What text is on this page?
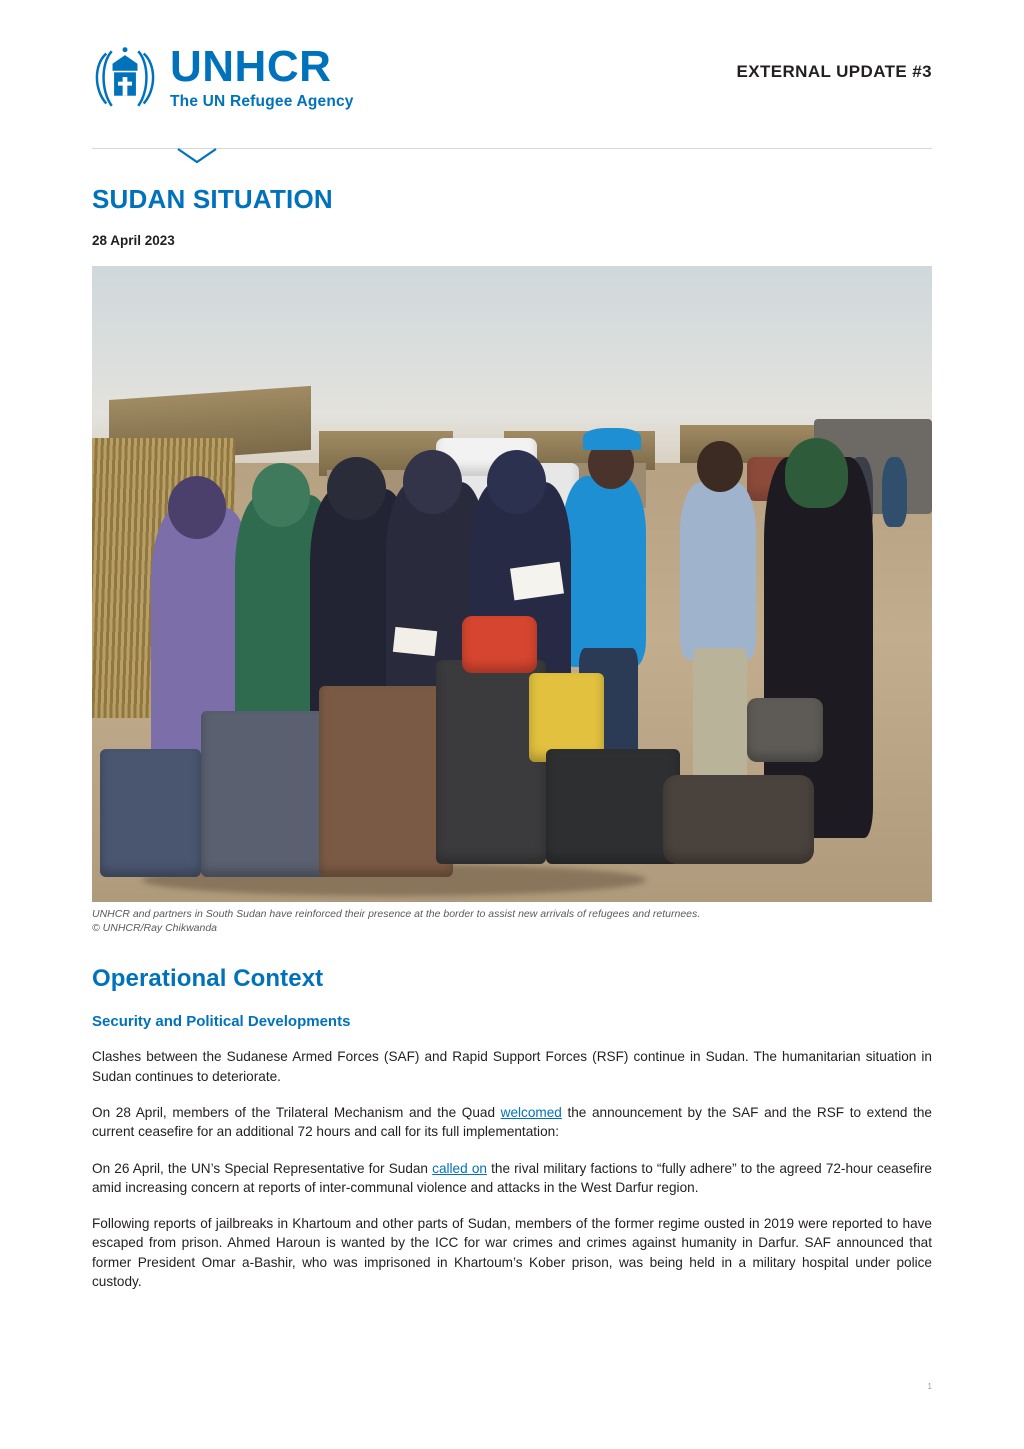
UNHCR
The UN Refugee Agency
EXTERNAL UPDATE #3
SUDAN SITUATION
28 April 2023
UNHCR and partners in South Sudan have reinforced their presence at the border to assist new arrivals of refugees and returnees.
© UNHCR/Ray Chikwanda
Operational Context
Security and Political Developments

Clashes between the Sudanese Armed Forces (SAF) and Rapid Support Forces (RSF) continue in Sudan. The humanitarian situation in Sudan continues to deteriorate.

On 28 April, members of the Trilateral Mechanism and the Quad welcomed the announcement by the SAF and the RSF to extend the current ceasefire for an additional 72 hours and call for its full implementation:

On 26 April, the UN’s Special Representative for Sudan called on the rival military factions to “fully adhere” to the agreed 72-hour ceasefire amid increasing concern at reports of inter-communal violence and attacks in the West Darfur region.

Following reports of jailbreaks in Khartoum and other parts of Sudan, members of the former regime ousted in 2019 were reported to have escaped from prison. Ahmed Haroun is wanted by the ICC for war crimes and crimes against humanity in Darfur. SAF announced that former President Omar a-Bashir, who was imprisoned in Khartoum’s Kober prison, was being held in a military hospital under police custody.

1
